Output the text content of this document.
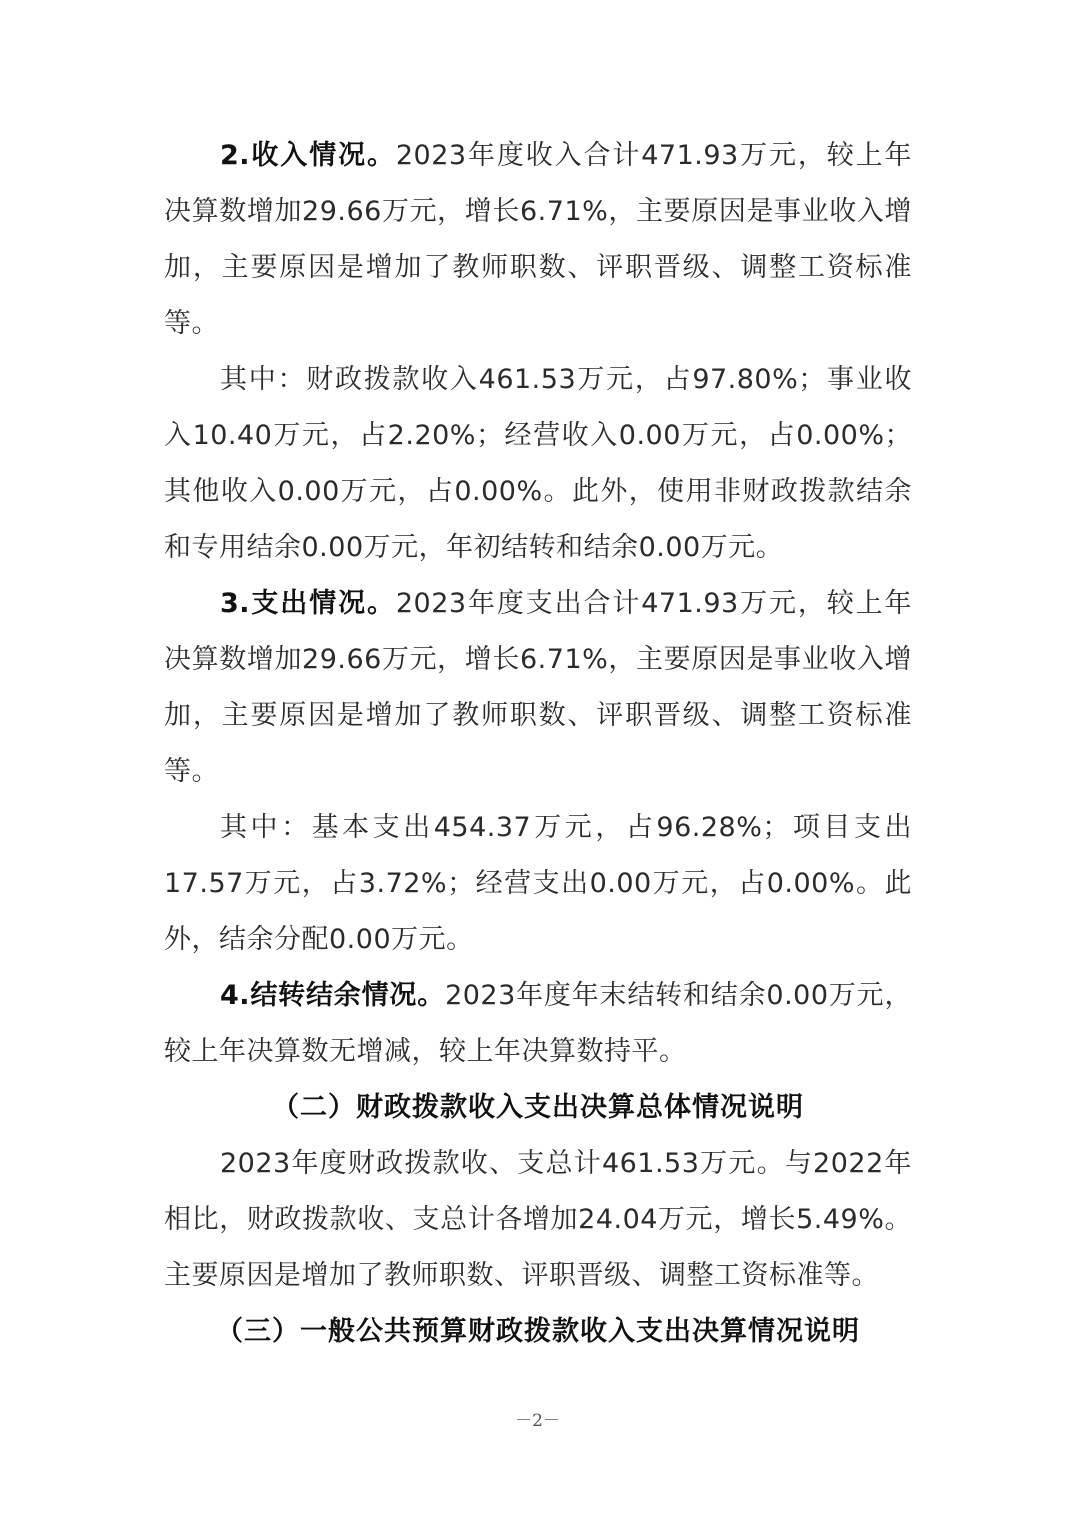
2.收入情况。2023年度收入合计471.93万元，较上年决算数增加29.66万元，增长6.71%，主要原因是事业收入增加，主要原因是增加了教师职数、评职晋级、调整工资标准等。

其中：财政拨款收入461.53万元，占97.80%；事业收入10.40万元，占2.20%；经营收入0.00万元，占0.00%；其他收入0.00万元，占0.00%。此外，使用非财政拨款结余和专用结余0.00万元，年初结转和结余0.00万元。

3.支出情况。2023年度支出合计471.93万元，较上年决算数增加29.66万元，增长6.71%，主要原因是事业收入增加，主要原因是增加了教师职数、评职晋级、调整工资标准等。

其中：基本支出454.37万元，占96.28%；项目支出17.57万元，占3.72%；经营支出0.00万元，占0.00%。此外，结余分配0.00万元。

4.结转结余情况。2023年度年末结转和结余0.00万元，较上年决算数无增减，较上年决算数持平。

（二）财政拨款收入支出决算总体情况说明

2023年度财政拨款收、支总计461.53万元。与2022年相比，财政拨款收、支总计各增加24.04万元，增长5.49%。主要原因是增加了教师职数、评职晋级、调整工资标准等。

（三）一般公共预算财政拨款收入支出决算情况说明

－2－
